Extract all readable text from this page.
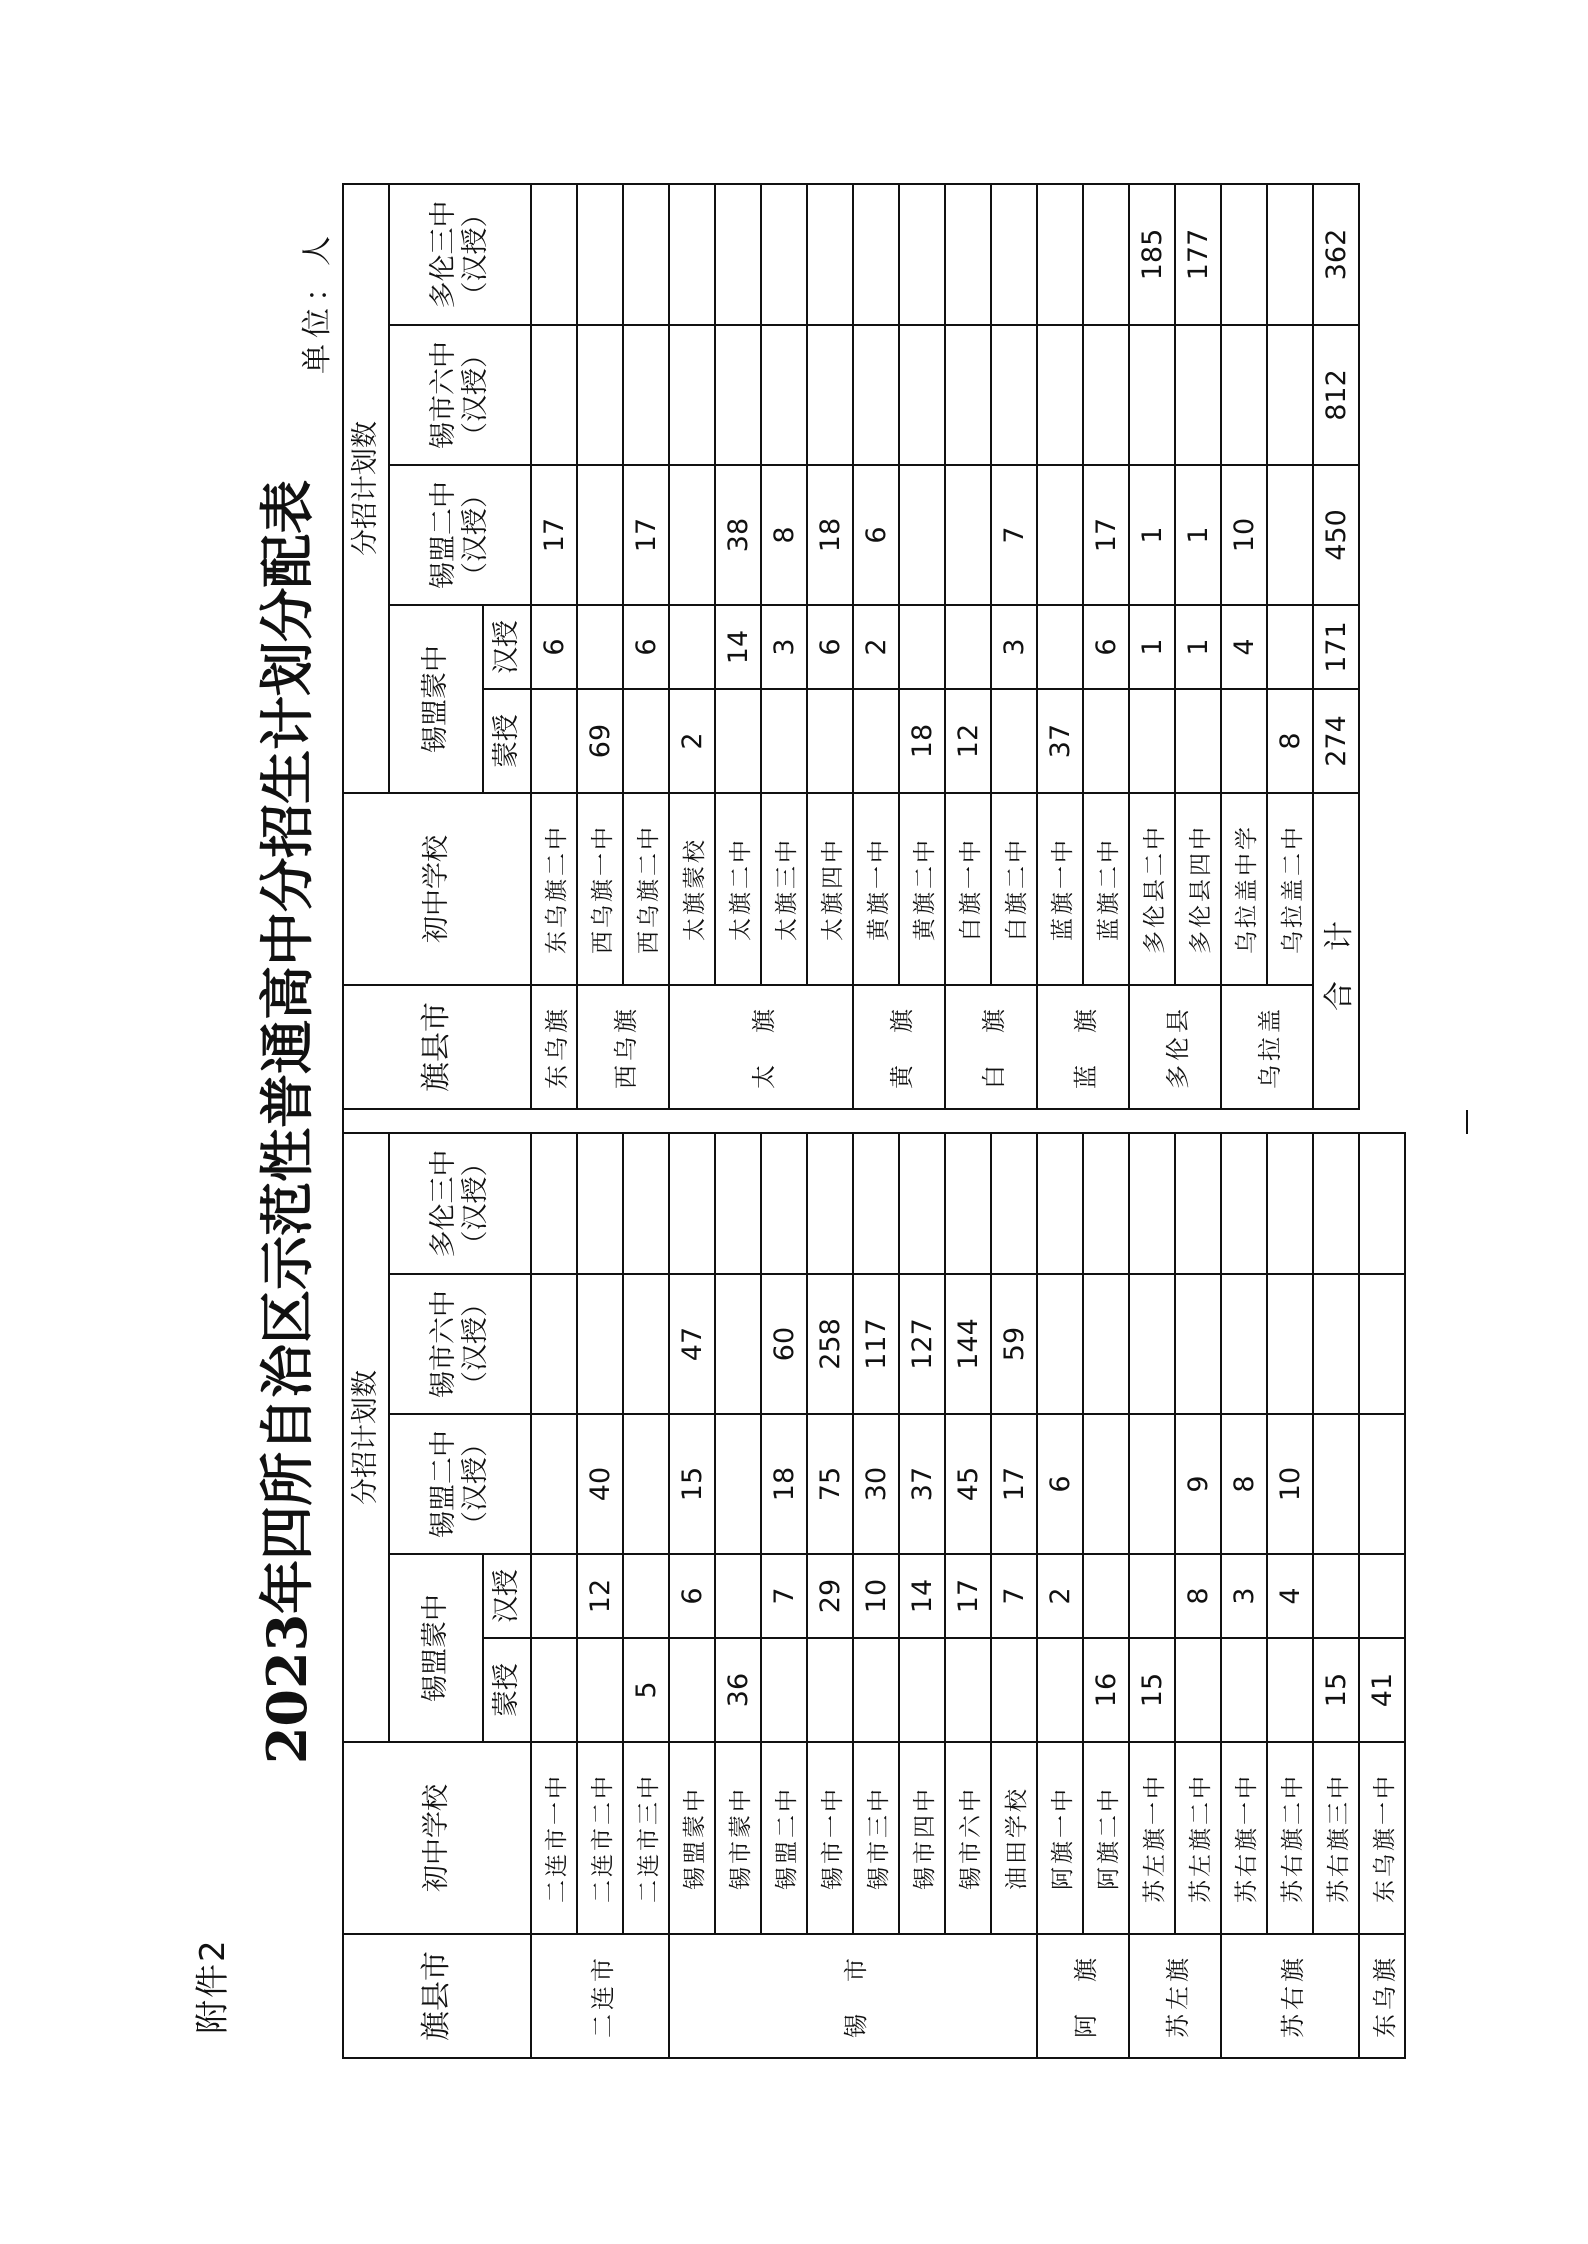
附件2
2023年四所自治区示范性普通高中分招生计划分配表
单位：人
旗县市	初中学校	分招计划数				
		锡盟蒙中		锡盟二中（汉授）	锡市六中（汉授）	多伦三中（汉授）
		蒙授	汉授			
二连市	二连市一中					
	二连市二中		12	40		
	二连市三中	5				
锡　市	锡盟蒙中		6	15	47	
	锡市蒙中	36				
	锡盟二中		7	18	60	
	锡市一中		29	75	258	
	锡市三中		10	30	117	
	锡市四中		14	37	127	
	锡市六中		17	45	144	
	油田学校		7	17	59	
阿　旗	阿旗一中		2	6		
	阿旗二中	16				
苏左旗	苏左旗一中	15				
	苏左旗二中		8	9		
苏右旗	苏右旗一中		3	8		
	苏右旗二中		4	10		
	苏右旗三中	15				
东乌旗	东乌旗一中	41				
旗县市	初中学校	分招计划数				
		锡盟蒙中		锡盟二中（汉授）	锡市六中（汉授）	多伦三中（汉授）
		蒙授	汉授			
东乌旗	东乌旗二中		6	17		
西乌旗	西乌旗一中	69				
	西乌旗二中		6	17		
太　旗	太旗蒙校	2				
	太旗二中		14	38		
	太旗三中		3	8		
	太旗四中		6	18		
黄　旗	黄旗一中		2	6		
	黄旗二中	18				
白　旗	白旗一中	12				
	白旗二中		3	7		
蓝　旗	蓝旗一中	37				
	蓝旗二中		6	17		
多伦县	多伦县二中		1	1		185
	多伦县四中		1	1		177
乌拉盖	乌拉盖中学		4	10		
	乌拉盖二中	8				
合计		274	171	450	812	362
